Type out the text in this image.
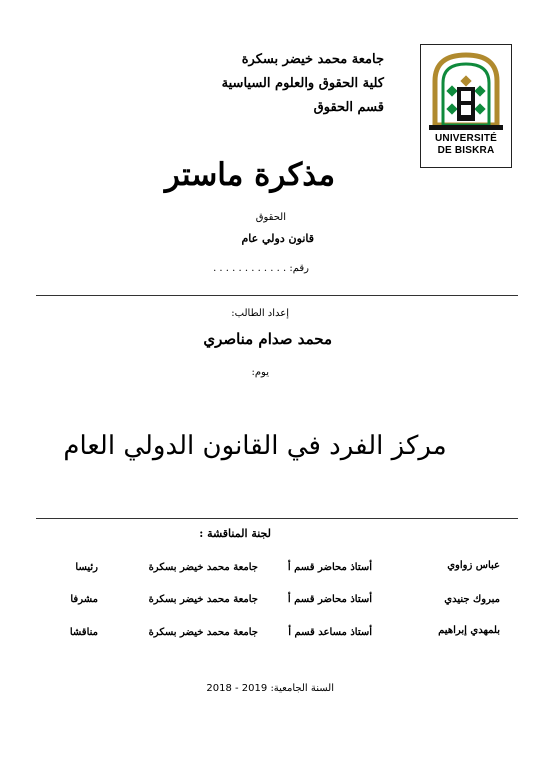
جامعة محمد خيضر بسكرة
كلية الحقوق والعلوم السياسية
قسم الحقوق
UNIVERSITÉ
DE BISKRA
مذكرة ماستر
الحقوق
قانون دولي عام
رقم: . . . . . . . . . . . .
إعداد الطالب:
محمد صدام مناصري
يوم:
مركز الفرد في القانون الدولي العام
لجنة المناقشة :
عباس زواوي
أستاذ محاضر قسم أ
جامعة محمد خيضر بسكرة
رئيسا
مبروك جنيدي
أستاذ محاضر قسم أ
جامعة محمد خيضر بسكرة
مشرفا
بلمهدي إبراهيم
أستاذ مساعد قسم أ
جامعة محمد خيضر بسكرة
مناقشا
السنة الجامعية: 2018 - 2019
